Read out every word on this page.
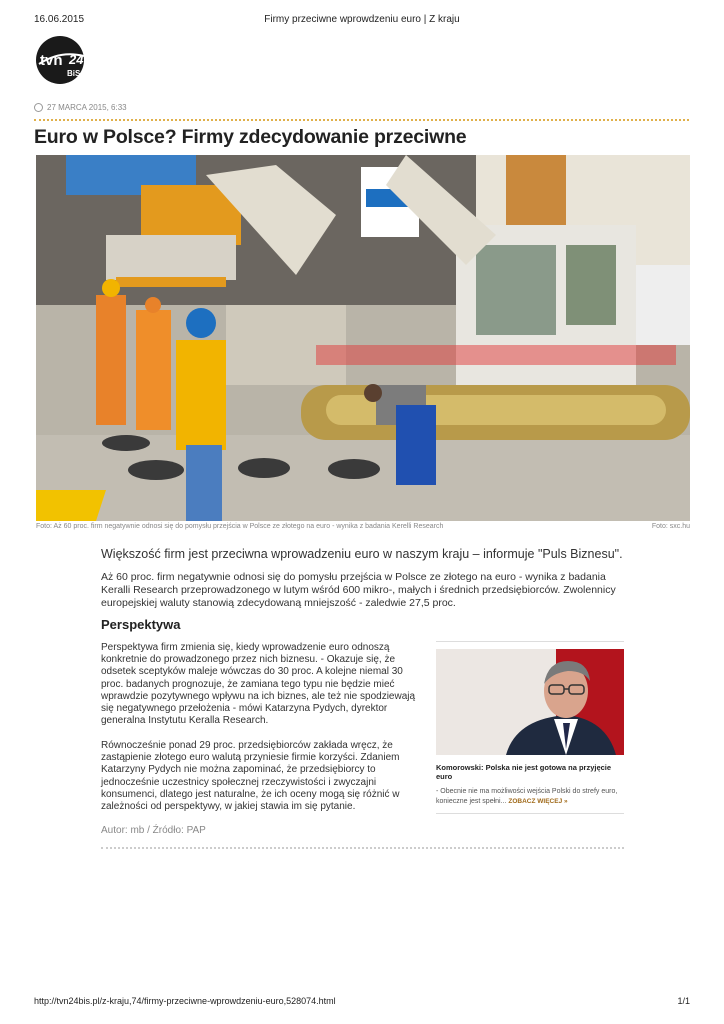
16.06.2015	Firmy przeciwne wprowdzeniu euro | Z kraju
tvn 24
BiS
27 MARCA 2015, 6:33
Euro w Polsce? Firmy zdecydowanie przeciwne
Foto: Aż 60 proc. firm negatywnie odnosi się do pomysłu przejścia w Polsce ze złotego na euro - wynika z badania Kerelli Research	Foto: sxc.hu

Większość firm jest przeciwna wprowadzeniu euro w naszym kraju – informuje "Puls Biznesu".

Aż 60 proc. firm negatywnie odnosi się do pomysłu przejścia w Polsce ze złotego na euro - wynika z badania Keralli Research przeprowadzonego w lutym wśród 600 mikro-, małych i średnich przedsiębiorców. Zwolennicy europejskiej waluty stanowią zdecydowaną mniejszość - zaledwie 27,5 proc.

Perspektywa

Perspektywa firm zmienia się, kiedy wprowadzenie euro odnoszą konkretnie do prowadzonego przez nich biznesu. - Okazuje się, że odsetek sceptyków maleje wówczas do 30 proc. A kolejne niemal 30 proc. badanych prognozuje, że zamiana tego typu nie będzie mieć wprawdzie pozytywnego wpływu na ich biznes, ale też nie spodziewają się negatywnego przełożenia - mówi Katarzyna Pydych, dyrektor generalna Instytutu Keralla Research.

Równocześnie ponad 29 proc. przedsiębiorców zakłada wręcz, że zastąpienie złotego euro walutą przyniesie firmie korzyści. Zdaniem Katarzyny Pydych nie można zapominać, że przedsiębiorcy to jednocześnie uczestnicy społecznej rzeczywistości i zwyczajni konsumenci, dlatego jest naturalne, że ich oceny mogą się różnić w zależności od perspektywy, w jakiej stawia im się pytanie.

Autor: mb / Źródło: PAP

Komorowski: Polska nie jest gotowa na przyjęcie euro

- Obecnie nie ma możliwości wejścia Polski do strefy euro, konieczne jest spełni... ZOBACZ WIĘCEJ »

http://tvn24bis.pl/z-kraju,74/firmy-przeciwne-wprowdzeniu-euro,528074.html	1/1
